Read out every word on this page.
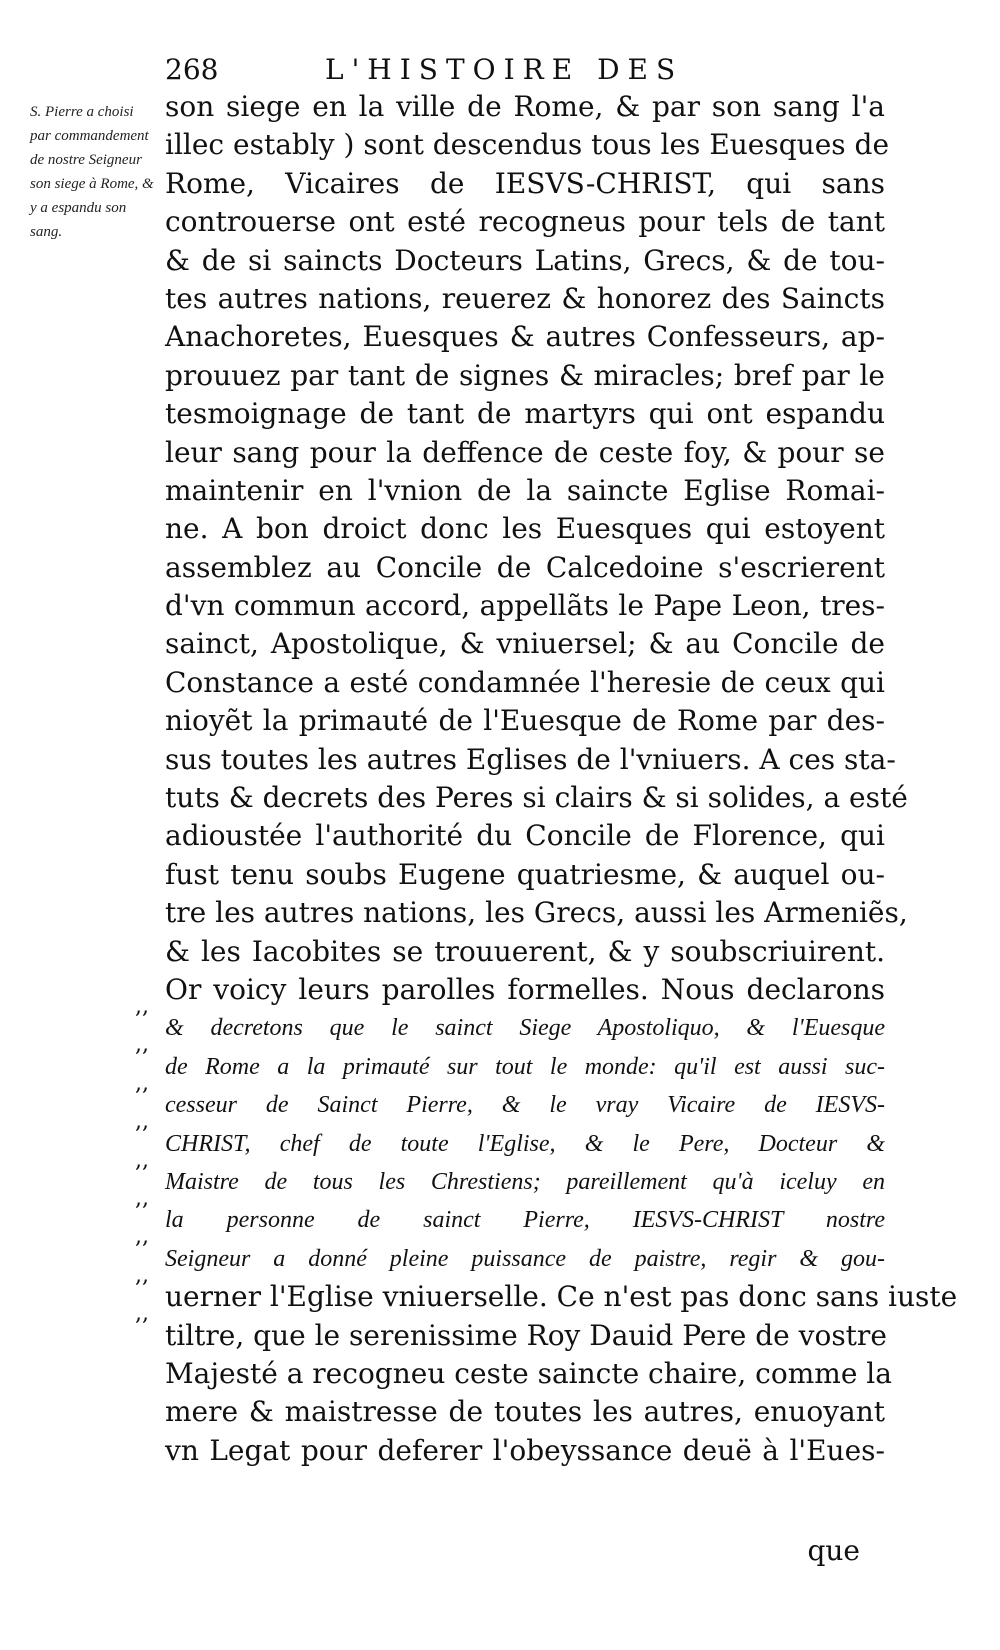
268	L'HISTOIRE DES
S. Pierre a choisi par commandement de nostre Seigneur son siege à Rome, & y a espandu son sang.
,,
,,
,,
,,
,,
,,
,,
,,
,,
son siege en la ville de Rome, & par son sang l'a
illec estably ) sont descendus tous les Euesques de
Rome, Vicaires de IESVS-CHRIST, qui sans
controuerse ont esté recogneus pour tels de tant
& de si saincts Docteurs Latins, Grecs, & de tou-
tes autres nations, reuerez & honorez des Saincts
Anachoretes, Euesques & autres Confesseurs, ap-
prouuez par tant de signes & miracles; bref par le
tesmoignage de tant de martyrs qui ont espandu
leur sang pour la deffence de ceste foy, & pour se
maintenir en l'vnion de la saincte Eglise Romai-
ne. A bon droict donc les Euesques qui estoyent
assemblez au Concile de Calcedoine s'escrierent
d'vn commun accord, appellãts le Pape Leon, tres-
sainct, Apostolique, & vniuersel; & au Concile de
Constance a esté condamnée l'heresie de ceux qui
nioyẽt la primauté de l'Euesque de Rome par des-
sus toutes les autres Eglises de l'vniuers. A ces sta-
tuts & decrets des Peres si clairs & si solides, a esté
adioustée l'authorité du Concile de Florence, qui
fust tenu soubs Eugene quatriesme, & auquel ou-
tre les autres nations, les Grecs, aussi les Armeniẽs,
& les Iacobites se trouuerent, & y soubscriuirent.
Or voicy leurs parolles formelles. Nous declarons
& decretons que le sainct Siege Apostoliquo, & l'Euesque
de Rome a la primauté sur tout le monde: qu'il est aussi suc-
cesseur de Sainct Pierre, & le vray Vicaire de IESVS-
CHRIST, chef de toute l'Eglise, & le Pere, Docteur &
Maistre de tous les Chrestiens; pareillement qu'à iceluy en
la personne de sainct Pierre, IESVS-CHRIST nostre
Seigneur a donné pleine puissance de paistre, regir & gou-
uerner l'Eglise vniuerselle. Ce n'est pas donc sans iuste
tiltre, que le serenissime Roy Dauid Pere de vostre
Majesté a recogneu ceste saincte chaire, comme la
mere & maistresse de toutes les autres, enuoyant
vn Legat pour deferer l'obeyssance deuë à l'Eues-
que
